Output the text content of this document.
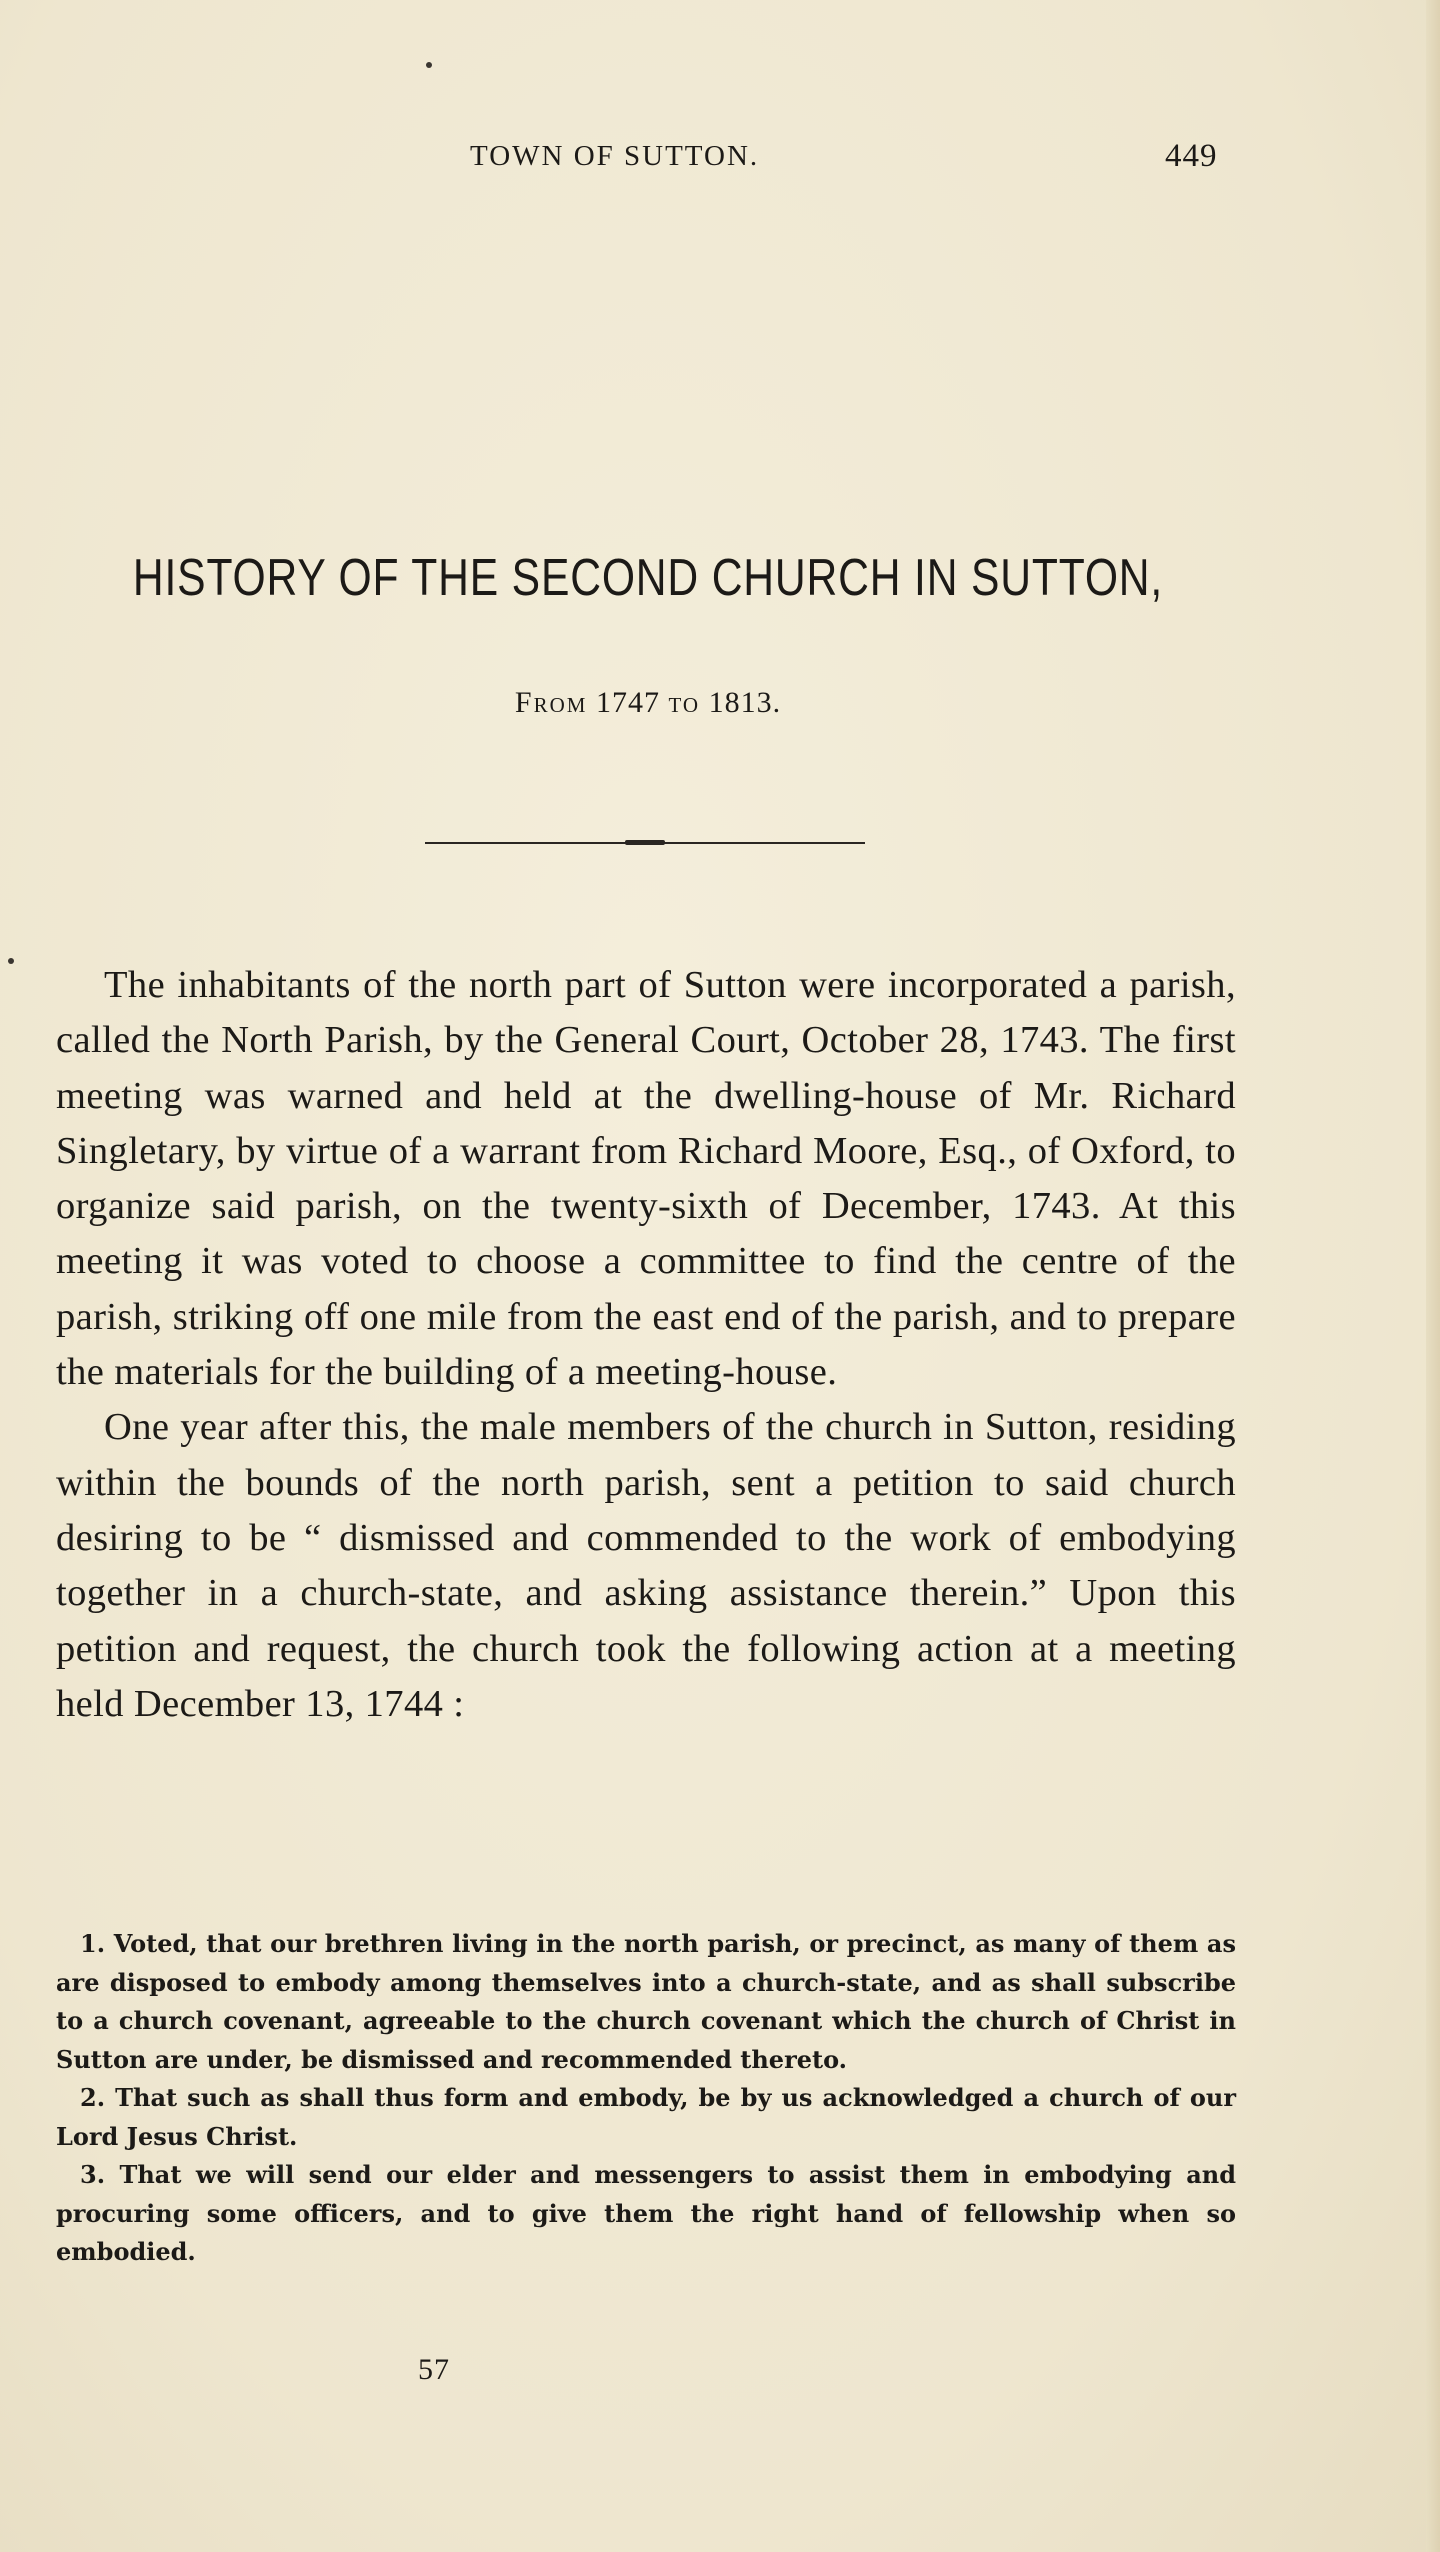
TOWN OF SUTTON.	449
HISTORY OF THE SECOND CHURCH IN SUTTON,
From 1747 to 1813.

The inhabitants of the north part of Sutton were incorporated a parish, called the North Parish, by the General Court, October 28, 1743. The first meeting was warned and held at the dwelling-house of Mr. Richard Singletary, by virtue of a warrant from Richard Moore, Esq., of Oxford, to organize said parish, on the twenty-sixth of December, 1743. At this meeting it was voted to choose a committee to find the centre of the parish, striking off one mile from the east end of the parish, and to prepare the materials for the building of a meeting-house.

One year after this, the male members of the church in Sutton, residing within the bounds of the north parish, sent a petition to said church desiring to be “ dismissed and commended to the work of embodying together in a church-state, and asking assistance therein.” Upon this petition and request, the church took the following action at a meeting held December 13, 1744 :

1. Voted, that our brethren living in the north parish, or precinct, as many of them as are disposed to embody among themselves into a church-state, and as shall subscribe to a church covenant, agreeable to the church covenant which the church of Christ in Sutton are under, be dismissed and recommended thereto.

2. That such as shall thus form and embody, be by us acknowledged a church of our Lord Jesus Christ.

3. That we will send our elder and messengers to assist them in embodying and procuring some officers, and to give them the right hand of fellowship when so embodied.

57
